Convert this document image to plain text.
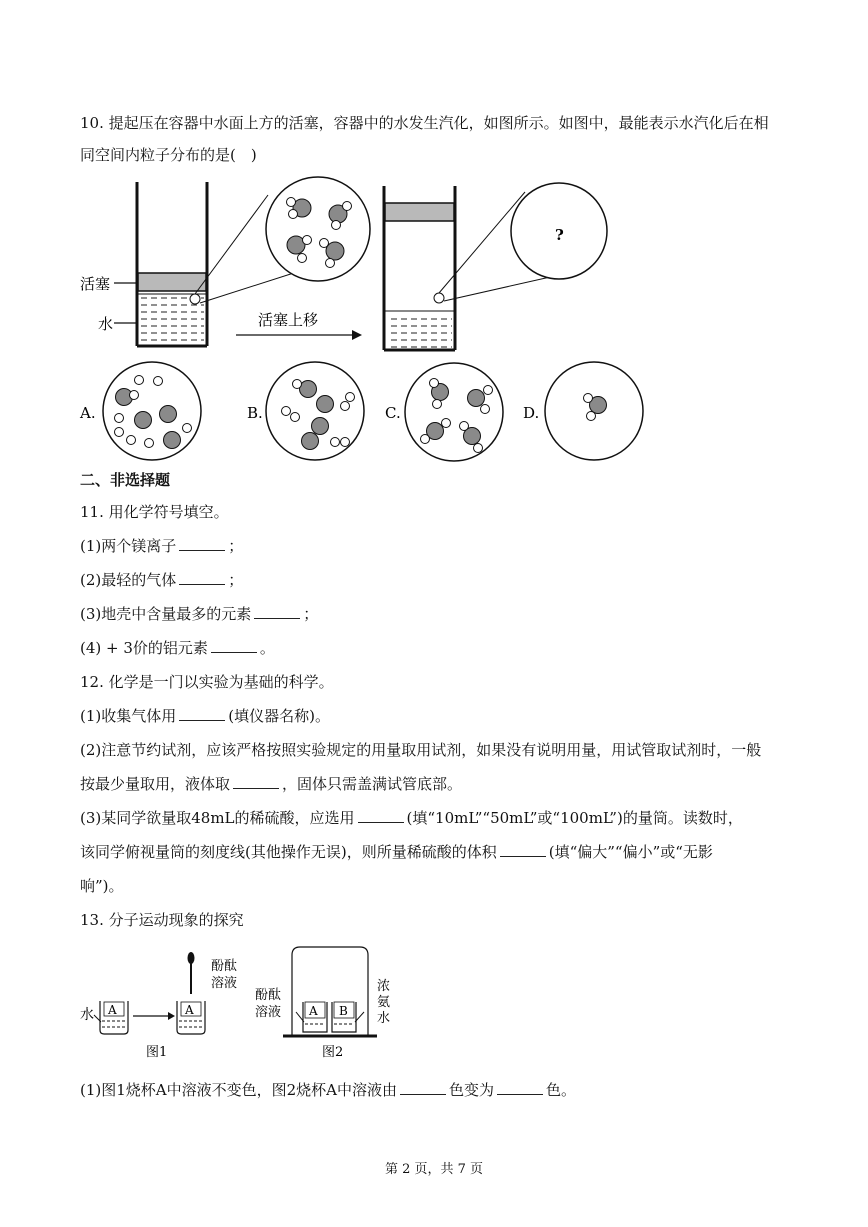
10. 提起压在容器中水面上方的活塞，容器中的水发生汽化，如图所示。如图中，最能表示水汽化后在相
同空间内粒子分布的是(　)
活塞
水	活塞上移
?
A.	B.	C.	D.
A
水	A
酚酞
溶液
图1
A B
酚酞
溶液
浓
氨
水
图2
二、非选择题
11. 用化学符号填空。
(1)两个镁离子	；
(2)最轻的气体	；
(3)地壳中含量最多的元素	；
(4) + 3价的铝元素	。
12. 化学是一门以实验为基础的科学。
(1)收集气体用	(填仪器名称)。
(2)注意节约试剂，应该严格按照实验规定的用量取用试剂，如果没有说明用量，用试管取试剂时，一般
按最少量取用，液体取	，固体只需盖满试管底部。
(3)某同学欲量取48mL的稀硫酸，应选用	(填“10mL”“50mL”或“100mL”)的量筒。读数时，
该同学俯视量筒的刻度线(其他操作无误)，则所量稀硫酸的体积	(填“偏大”“偏小”或“无影
响”)。
13. 分子运动现象的探究
(1)图1烧杯A中溶液不变色，图2烧杯A中溶液由	色变为	色。
第 2 页，共 7 页
